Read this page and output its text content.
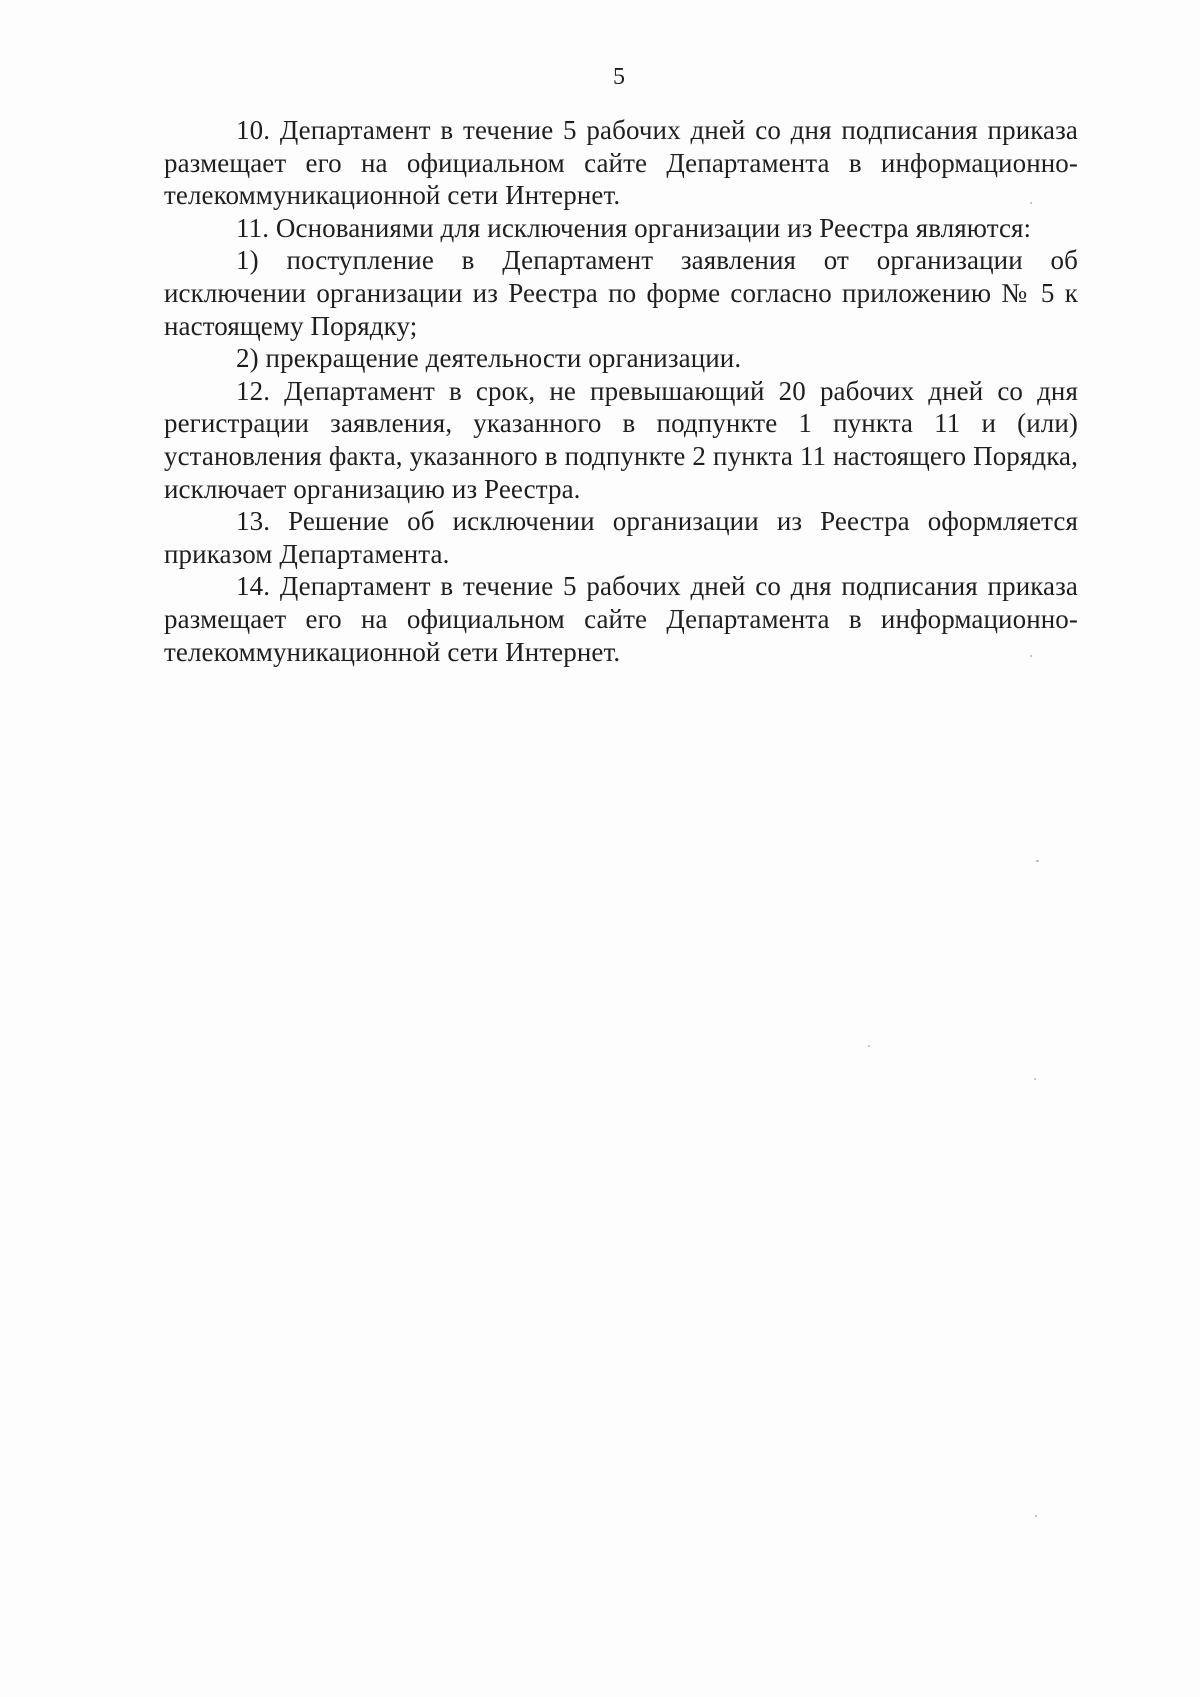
5

10. Департамент в течение 5 рабочих дней со дня подписания приказа размещает его на официальном сайте Департамента в информационно-телекоммуникационной сети Интернет.

11. Основаниями для исключения организации из Реестра являются:

1) поступление в Департамент заявления от организации об исключении организации из Реестра по форме согласно приложению № 5 к настоящему Порядку;

2) прекращение деятельности организации.

12. Департамент в срок, не превышающий 20 рабочих дней со дня регистрации заявления, указанного в подпункте 1 пункта 11 и (или) установления факта, указанного в подпункте 2 пункта 11 настоящего Порядка, исключает организацию из Реестра.

13. Решение об исключении организации из Реестра оформляется приказом Департамента.

14. Департамент в течение 5 рабочих дней со дня подписания приказа размещает его на официальном сайте Департамента в информационно-телекоммуникационной сети Интернет.
